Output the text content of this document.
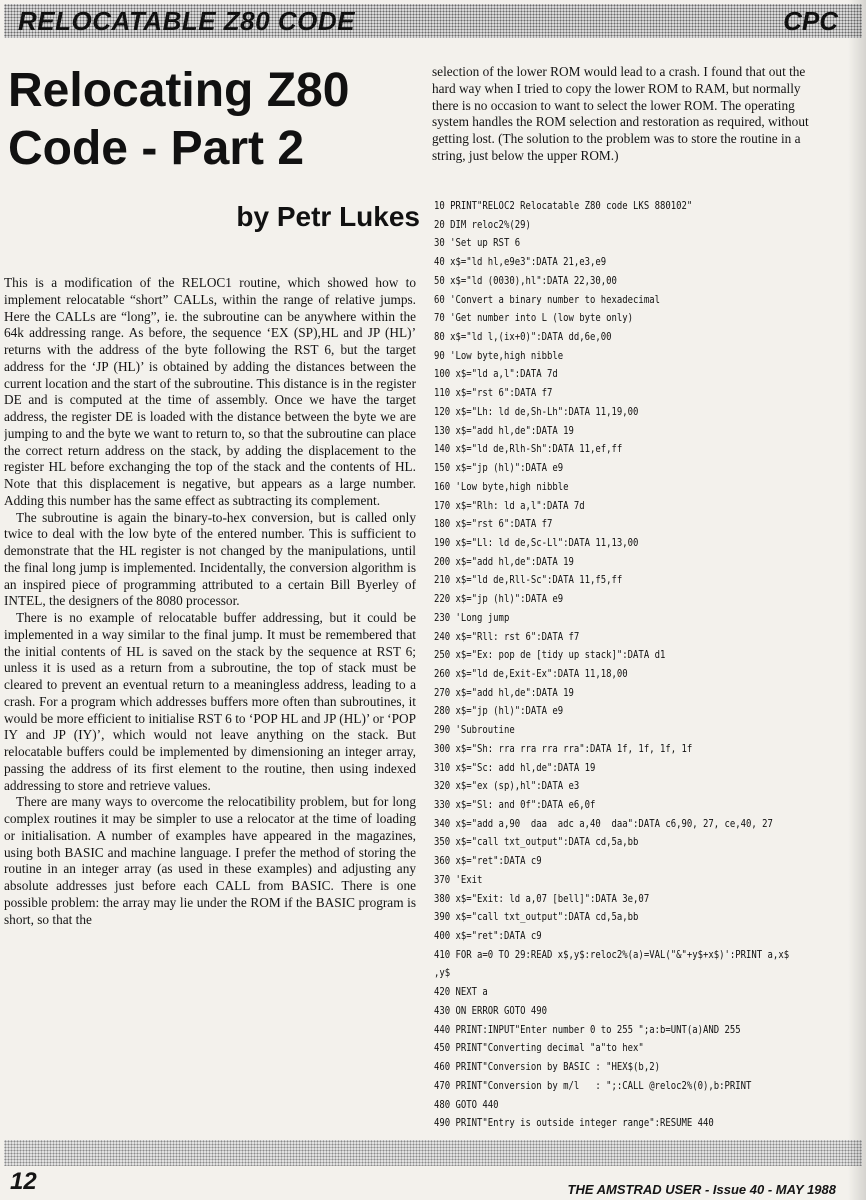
RELOCATABLE Z80 CODE	CPC
Relocating Z80
Code - Part 2
by Petr Lukes

This is a modification of the RELOC1 routine, which showed how to implement relocatable “short” CALLs, within the range of relative jumps. Here the CALLs are “long”, ie. the subroutine can be anywhere within the 64k addressing range. As before, the sequence ‘EX (SP),HL and JP (HL)’ returns with the address of the byte following the RST 6, but the target address for the ‘JP (HL)’ is obtained by adding the distances between the current location and the start of the subroutine. This distance is in the register DE and is computed at the time of assembly. Once we have the target address, the register DE is loaded with the distance between the byte we are jumping to and the byte we want to return to, so that the subroutine can place the correct return address on the stack, by adding the displacement to the register HL before exchanging the top of the stack and the contents of HL. Note that this displacement is negative, but appears as a large number. Adding this number has the same effect as subtracting its complement.

The subroutine is again the binary-to-hex conversion, but is called only twice to deal with the low byte of the entered number. This is sufficient to demonstrate that the HL register is not changed by the manipulations, until the final long jump is implemented. Incidentally, the conversion algorithm is an inspired piece of programming attributed to a certain Bill Byerley of INTEL, the designers of the 8080 processor.

There is no example of relocatable buffer addressing, but it could be implemented in a way similar to the final jump. It must be remembered that the initial contents of HL is saved on the stack by the sequence at RST 6; unless it is used as a return from a subroutine, the top of stack must be cleared to prevent an eventual return to a meaningless address, leading to a crash. For a program which addresses buffers more often than subroutines, it would be more efficient to initialise RST 6 to ‘POP HL and JP (HL)’ or ‘POP IY and JP (IY)’, which would not leave anything on the stack. But relocatable buffers could be implemented by dimensioning an integer array, passing the address of its first element to the routine, then using indexed addressing to store and retrieve values.

There are many ways to overcome the relocatibility problem, but for long complex routines it may be simpler to use a relocator at the time of loading or initialisation. A number of examples have appeared in the magazines, using both BASIC and machine language. I prefer the method of storing the routine in an integer array (as used in these examples) and adjusting any absolute addresses just before each CALL from BASIC. There is one possible problem: the array may lie under the ROM if the BASIC program is short, so that the

selection of the lower ROM would lead to a crash. I found that out the hard way when I tried to copy the lower ROM to RAM, but normally there is no occasion to want to select the lower ROM. The operating system handles the ROM selection and restoration as required, without getting lost. (The solution to the problem was to store the routine in a string, just below the upper ROM.)
10 PRINT"RELOC2 Relocatable Z80 code LKS 880102"
20 DIM reloc2%(29)
30 'Set up RST 6
40 x$="ld hl,e9e3":DATA 21,e3,e9
50 x$="ld (0030),hl":DATA 22,30,00
60 'Convert a binary number to hexadecimal
70 'Get number into L (low byte only)
80 x$="ld l,(ix+0)":DATA dd,6e,00
90 'Low byte,high nibble
100 x$="ld a,l":DATA 7d
110 x$="rst 6":DATA f7
120 x$="Lh: ld de,Sh-Lh":DATA 11,19,00
130 x$="add hl,de":DATA 19
140 x$="ld de,Rlh-Sh":DATA 11,ef,ff
150 x$="jp (hl)":DATA e9
160 'Low byte,high nibble
170 x$="Rlh: ld a,l":DATA 7d
180 x$="rst 6":DATA f7
190 x$="Ll: ld de,Sc-Ll":DATA 11,13,00
200 x$="add hl,de":DATA 19
210 x$="ld de,Rll-Sc":DATA 11,f5,ff
220 x$="jp (hl)":DATA e9
230 'Long jump
240 x$="Rll: rst 6":DATA f7
250 x$="Ex: pop de [tidy up stack]":DATA d1
260 x$="ld de,Exit-Ex":DATA 11,18,00
270 x$="add hl,de":DATA 19
280 x$="jp (hl)":DATA e9
290 'Subroutine
300 x$="Sh: rra rra rra rra":DATA 1f, 1f, 1f, 1f
310 x$="Sc: add hl,de":DATA 19
320 x$="ex (sp),hl":DATA e3
330 x$="Sl: and 0f":DATA e6,0f
340 x$="add a,90  daa  adc a,40  daa":DATA c6,90, 27, ce,40, 27
350 x$="call txt_output":DATA cd,5a,bb
360 x$="ret":DATA c9
370 'Exit
380 x$="Exit: ld a,07 [bell]":DATA 3e,07
390 x$="call txt_output":DATA cd,5a,bb
400 x$="ret":DATA c9
410 FOR a=0 TO 29:READ x$,y$:reloc2%(a)=VAL("&"+y$+x$)':PRINT a,x$
,y$
420 NEXT a
430 ON ERROR GOTO 490
440 PRINT:INPUT"Enter number 0 to 255 ";a:b=UNT(a)AND 255
450 PRINT"Converting decimal "a"to hex"
460 PRINT"Conversion by BASIC : "HEX$(b,2)
470 PRINT"Conversion by m/l   : ";:CALL @reloc2%(0),b:PRINT
480 GOTO 440
490 PRINT"Entry is outside integer range":RESUME 440
12	THE AMSTRAD USER - Issue 40 - MAY 1988
